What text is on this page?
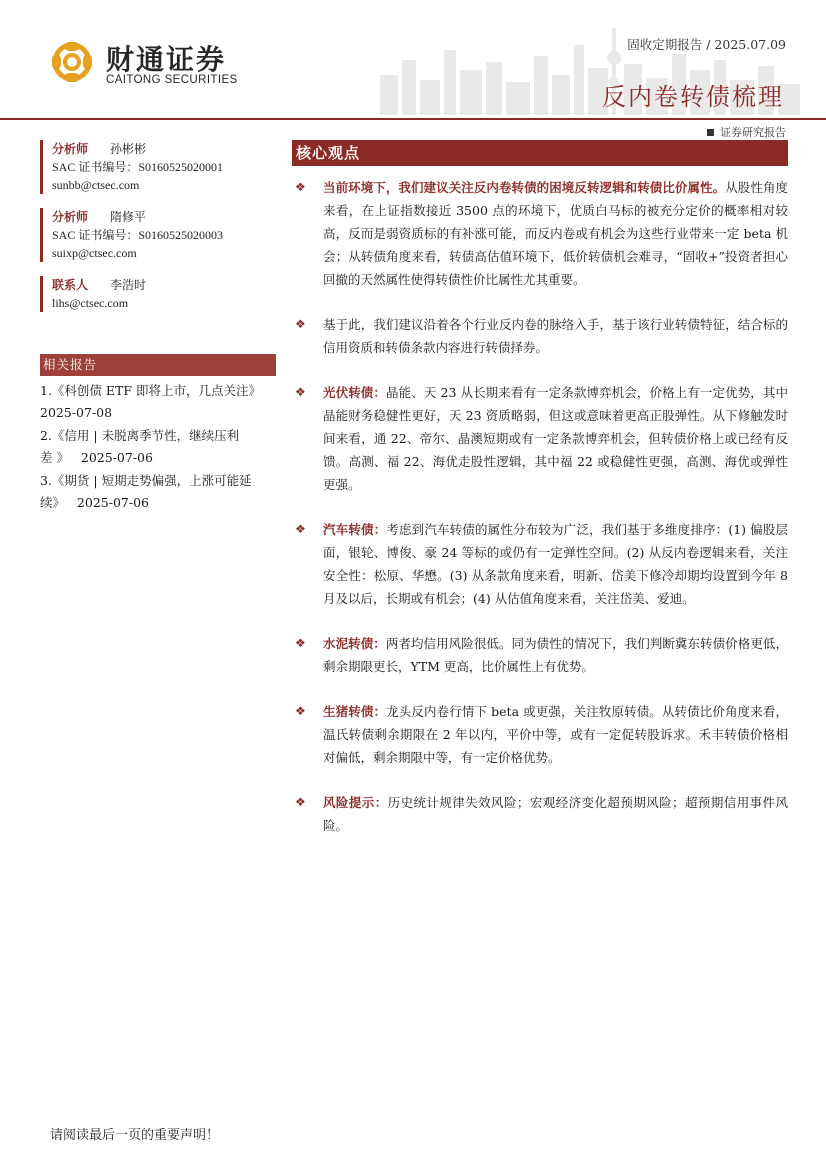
财通证券
CAITONG SECURITIES
固收定期报告 / 2025.07.09
反内卷转债梳理
证券研究报告
分析师 孙彬彬
SAC 证书编号：S0160525020001
sunbb@ctsec.com
分析师 隋修平
SAC 证书编号：S0160525020003
suixp@ctsec.com
联系人 李浩时
lihs@ctsec.com
相关报告
1.《科创债 ETF 即将上市，几点关注》
2025-07-08
2.《信用 | 未脱离季节性，继续压利
差 》   2025-07-06
3.《期货 | 短期走势偏强，上涨可能延
续》   2025-07-06
核心观点
❖ 当前环境下，我们建议关注反内卷转债的困境反转逻辑和转债比价属性。从股性角度来看，在上证指数接近 3500 点的环境下，优质白马标的被充分定价的概率相对较高，反而是弱资质标的有补涨可能，而反内卷或有机会为这些行业带来一定 beta 机会；从转债角度来看，转债高估值环境下，低价转债机会难寻，“固收+”投资者担心回撤的天然属性使得转债性价比属性尤其重要。
❖ 基于此，我们建议沿着各个行业反内卷的脉络入手，基于该行业转债特征，结合标的信用资质和转债条款内容进行转债择券。
❖ 光伏转债：晶能、天 23 从长期来看有一定条款博弈机会，价格上有一定优势，其中晶能财务稳健性更好，天 23 资质略弱，但这或意味着更高正股弹性。从下修触发时间来看，通 22、帝尔、晶澳短期或有一定条款博弈机会，但转债价格上或已经有反馈。高测、福 22、海优走股性逻辑，其中福 22 或稳健性更强，高测、海优或弹性更强。
❖ 汽车转债：考虑到汽车转债的属性分布较为广泛，我们基于多维度排序：(1) 偏股层面，银轮、博俊、豪 24 等标的或仍有一定弹性空间。(2) 从反内卷逻辑来看，关注安全性：松原、华懋。(3) 从条款角度来看，明新、岱美下修冷却期均设置到今年 8 月及以后，长期或有机会；(4) 从估值角度来看，关注岱美、爱迪。
❖ 水泥转债：两者均信用风险很低。同为债性的情况下，我们判断冀东转债价格更低，剩余期限更长，YTM 更高，比价属性上有优势。
❖ 生猪转债：龙头反内卷行情下 beta 或更强，关注牧原转债。从转债比价角度来看，温氏转债剩余期限在 2 年以内，平价中等，或有一定促转股诉求。禾丰转债价格相对偏低，剩余期限中等，有一定价格优势。
❖ 风险提示：历史统计规律失效风险；宏观经济变化超预期风险；超预期信用事件风险。
请阅读最后一页的重要声明！
